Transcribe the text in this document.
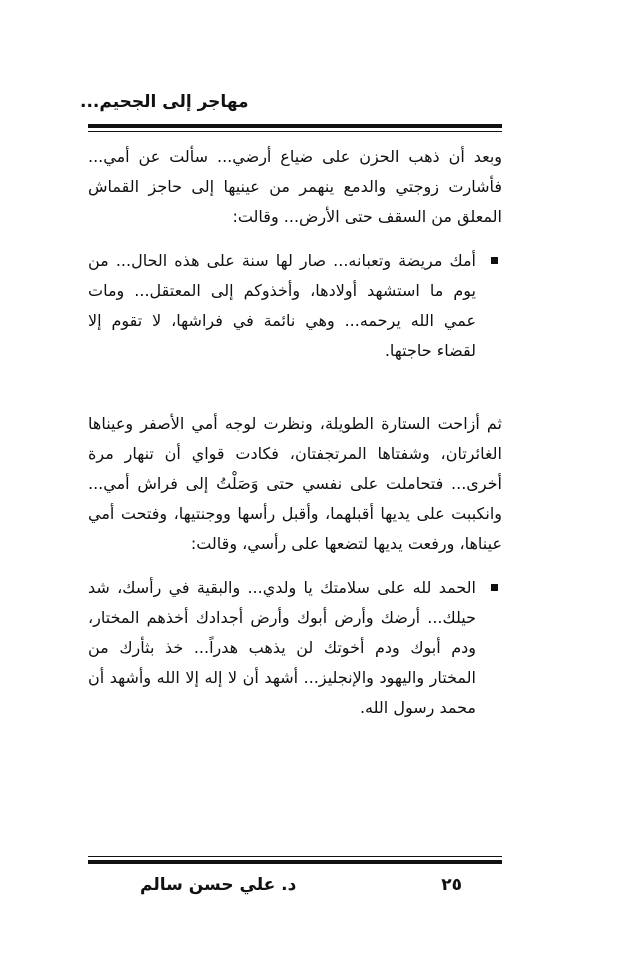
مهاجر إلى الجحيم...

وبعد أن ذهب الحزن على ضياع أرضي... سألت عن أمي... فأشارت زوجتي والدمع ينهمر من عينيها إلى حاجز القماش المعلق من السقف حتى الأرض... وقالت:

أمك مريضة وتعبانه... صار لها سنة على هذه الحال... من يوم ما استشهد أولادها، وأخذوكم إلى المعتقل... ومات عمي الله يرحمه... وهي نائمة في فراشها، لا تقوم إلا لقضاء حاجتها.

ثم أزاحت الستارة الطويلة، ونظرت لوجه أمي الأصفر وعيناها الغائرتان، وشفتاها المرتجفتان، فكادت قواي أن تنهار مرة أخرى... فتحاملت على نفسي حتى وَصَلْتُ إلى فراش أمي... وانكببت على يديها أقبلهما، وأقبل رأسها ووجنتيها، وفتحت أمي عيناها، ورفعت يديها لتضعها على رأسي، وقالت:

الحمد لله على سلامتك يا ولدي... والبقية في رأسك، شد حيلك... أرضك وأرض أبوك وأرض أجدادك أخذهم المختار، ودم أبوك ودم أخوتك لن يذهب هدراً... خذ بثأرك من المختار واليهود والإنجليز... أشهد أن لا إله إلا الله وأشهد أن محمد رسول الله.
٢٥
د. علي حسن سالم
